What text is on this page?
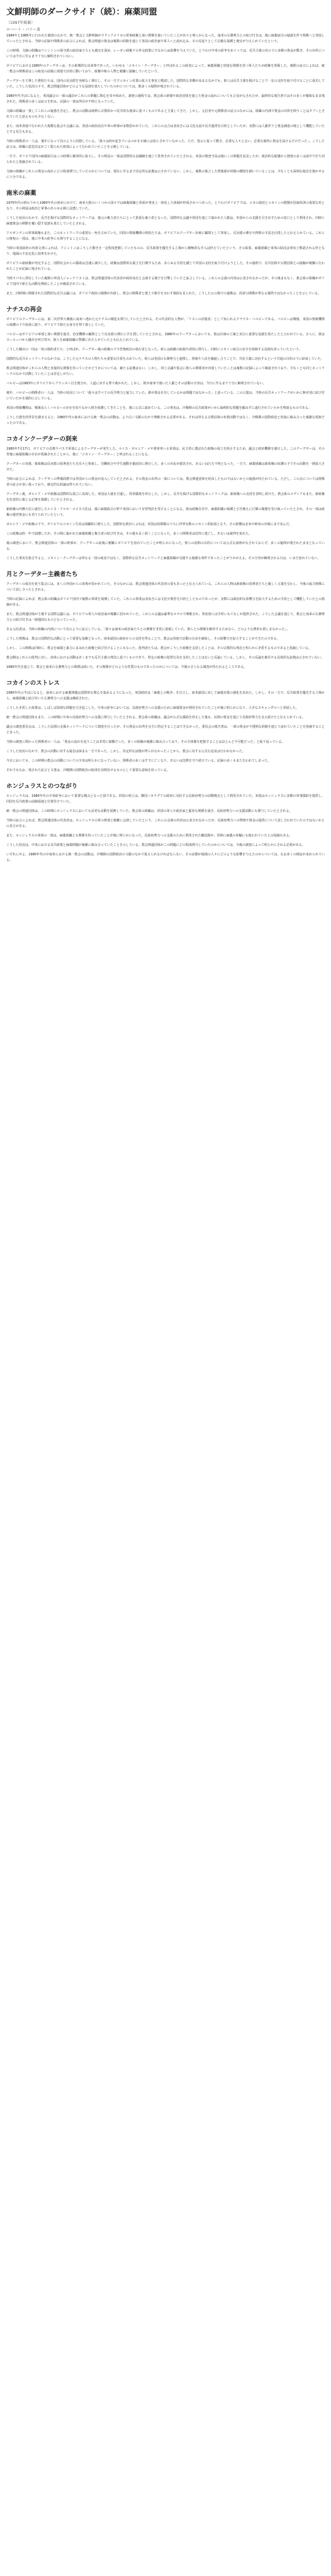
文鮮明師のダークサイド（続）：麻薬同盟
（1997年掲載）
ロバート・パリー著

1984年と1985年に行われた調査のなかで、統一教会と文鮮明師がラテンアメリカの軍事政権と深い関係を築いていたことが次々と明らかになった。南米の右翼勢力との結び付きは、後に麻薬取引の疑惑を伴う関係へと発展していったとされる。当時の記録や関係者の証言によれば、教会関連の資金は複数の経路を通じて各国の政治家や軍人へと流れ込み、その見返りとして広範な保護と便宜が与えられていたという。

この時期、文師の組織はワシントンの保守派の政治家たちとも親交を深め、レーガン政権下の外交政策に少なからぬ影響を与えていた。とりわけ中米の紛争をめぐっては、反共主義の名の下に多額の資金が動き、その出所については今日に至るまで十分に解明されていない。

ボリビアにおける1980年のクーデターは、その象徴的な出来事であった。いわゆる「コカイン・クーデター」と呼ばれるこの政変によって、麻薬組織と密接な関係を持つ軍人たちが政権を掌握した。複数の証言によれば、統一教会の関係者はこの政変の前後に現地で活発に動いており、政権中枢の人物と頻繁に接触していたという。

クーデターを主導した将校たちは、国内の反対派を容赦なく弾圧し、その一方でコカイン産業の拡大を事実上黙認した。国際的な非難が高まるなかでも、彼らは反共主義を掲げることで一定の支持を取り付けることに成功していた。こうした状況の下で、教会関連団体がどのような役割を果たしていたのかについては、数多くの疑問が残されている。

1980年代半ばになると、米国議会の一部の議員がこれらの問題に関心を寄せ始めた。調査の過程では、教会系の新聞や政治団体を通じた資金の流れについても言及がなされたが、最終的な報告書ではその多くが曖昧なまま残された。関係者の多くは証言を拒み、記録の一部は所在が不明となっていた。

文師の組織は一貫してこれらの疑惑を否定し、教会の活動は純粋に宗教的かつ反共的な使命に基づくものであると主張してきた。しかし、元信者や元関係者の証言のなかには、組織の内部で資金の出所を問うことはタブーとされていたと語るものも少なくない。

また、南米各地で行われた大規模な集会や会議には、各国の政府高官や軍の幹部が多数招かれていた。これらの会合は表向きには文化交流や反共連帯を目的としていたが、実際には人脈作りと資金調達の場として機能していたとする見方もある。

当時の関係者の一人は、後年になって次のように回想している。「我々は何が起きているのかを正確には知らされていなかった。ただ、指示に従って動き、必要な人々と会い、必要な場所に資金を届けるだけだった」。こうした証言は、組織の意思決定がごく限られた幹部によって行われていたことを示唆している。

一方で、ボリビア国内の麻薬取引はこの時期に爆発的に拡大し、その利益の一部は国際的な金融網を通じて洗浄されていたとされる。米国の捜査当局は後にこの問題を追及したが、政治的な配慮から捜査の多くは途中で打ち切られたと指摘されている。

文師の組織がこれらの資金の流れにどの程度関与していたのかについては、現在に至るまで決定的な証拠は示されていない。しかし、複数の独立した情報源が同様の構図を描いていることは、少なくとも深刻な疑念を抱かせるに十分である。

南米の麻薬

1970年代の終わりから1980年代の初めにかけて、南米大陸のいくつかの国々では麻薬組織と軍部が事実上一体化した体制が形成されつつあった。とりわけボリビアでは、コカの栽培とコカインの精製が国家経済の重要な柱となり、その利益は政治と軍事のあらゆる層に浸透していた。

こうした状況のなかで、反共を掲げる国際的なネットワークは、地元の権力者たちにとって貴重な後ろ盾となった。国際的な会議や財団を通じて築かれた人脈は、外国からの支援を引き出すための窓口として利用され、同時に麻薬資金の移動を覆い隠す役割も果たしていたとされる。

アルゼンチンの軍事政権もまた、このネットワークの重要な一角を占めていた。同国の情報機関の将校たちは、ボリビアのクーデター計画に顧問として参加し、反対派の弾圧や拷問の手法を伝授したと伝えられている。これらの将校の一部は、後に中米の紛争にも関与することになる。

当時の米国政府の内部文書によれば、ワシントンはこうした動きを一定程度把握していたものの、反共政策を優先する立場から積極的な介入は控えていたという。その結果、麻薬組織と軍部の結託は事実上黙認される形となり、地域の不安定化に拍車をかけた。

ボリビアの新政権が発足すると、国際社会からの援助は急速に減少した。政権は国際的な孤立を打開するため、あらゆる手段を講じて外国の支持を取り付けようとした。その過程で、反共団体や宗教団体との接触が頻繁に行われたことが記録に残されている。

当時ラパスに滞在していた複数の外国人ジャーナリストは、教会関連団体の代表者が政府高官と会談する様子を目撃していたと証言している。これらの会談の内容は公表されなかったが、その後まもなく、教会系の組織がボリビア国内で新たな活動を開始したことが確認されている。

また、同時期に開催された国際的な反共会議には、ボリビア政府の閣僚が出席し、教会の関係者と壇上で握手を交わす場面も見られた。こうした公の場での連携は、両者の関係が単なる偶然ではなかったことを示している。

ナチスの再会

ボリビアのクーデターには、第二次世界大戦後に南米へ逃れた元ナチスの戦犯も関与していたとされる。その代表的な人物が、「リヨンの虐殺者」として知られるクラウス・バルビーである。バルビーは戦後、米国の情報機関の保護の下で南米に渡り、ボリビアで新たな身分を得て暮らしていた。

バルビーはボリビアの軍部と深い関係を築き、治安機関の顧問として反対派の弾圧に手を貸していたとされる。1980年のクーデターにおいても、彼は計画の立案と実行に重要な役割を果たしたと言われている。さらに、彼はヨーロッパから傭兵を呼び寄せ、彼らを麻薬組織の警護にあたらせていたとも伝えられている。

こうした傭兵の一団は「死の婚約者たち」と呼ばれ、クーデター後の政権の下で恐怖政治の執行者となった。彼らは政敵の暗殺や誘拐に関与し、同時にコカイン取引の安全を保障する役割も担っていたという。

国際的な反共ネットワークのなかでは、こうした元ナチスの人物たちも重要な位置を占めていた。彼らは各国の右翼勢力と連携し、情報や人員を融通し合うことで、共産主義に対抗するという共通の目的の下に結束していた。

教会関連団体がこれらの人物と直接的な関係を持っていたかどうかについては、確たる証拠はない。しかし、同じ会議や集会に彼らの関係者が出席していたことは複数の記録によって確認されており、少なくとも同じネットワークのなかで活動していたことは否定しがたい。

バルビーは1983年にボリビアからフランスへ引き渡され、人道に対する罪で裁かれた。しかし、彼が南米で築いた人脈とその活動の全容は、今日に至るまで十分に解明されていない。

後年、バルビーの関係者の一人は、当時の状況について「我々はすべての反共勢力と協力していた。誰が資金を出しているかは問題ではなかった」と語っている。この言葉は、当時の反共ネットワークがいかに無差別に結び付いていたかを端的に示している。

米国の情報機関は、戦後長らくバルビーの存在を知りながら彼を保護してきたことを、後に公式に認めている。この事実は、冷戦期の反共政策がいかに倫理的な問題を顧みずに遂行されていたかを物語るものである。

こうした歴史的背景を踏まえると、1980年代の南米における統一教会の活動は、より広い文脈のなかで理解される必要がある。それは単なる宗教団体の布教活動ではなく、冷戦期の国際政治と密接に絡み合った複雑な現象だったのである。

コカインクーデターの到来

1980年7月17日、ボリビアの首都ラパスで軍部によるクーデターが発生した。ルイス・ガルシア・メサ将軍率いる軍部は、民主的に選ばれた政権の成立を阻止するため、議会と政府機関を制圧した。このクーデターは、その背後に麻薬組織の存在が指摘されたことから、後に「コカイン・クーデター」と呼ばれることになる。

クーデターの直後、新政権は反対派の指導者たちを次々と拘束し、労働組合や学生運動を徹底的に弾圧した。多くの市民が殺害され、あるいは行方不明となった。一方で、麻薬組織は新政権の庇護の下でその活動を一層拡大させた。

当時の証言によれば、クーデターの準備段階では外国からの資金が流入していたとされる。その資金の出所の一部については、教会関連団体を経由したものではないかとの疑惑が持たれている。ただし、この点については関係者の証言が食い違っており、確定的な結論は得られていない。

クーデター後、ガルシア・メサ政権は国際的な孤立に直面した。米国は大使を召還し、経済援助を停止した。しかし、反共を掲げる国際的なネットワークは、新政権への支持を表明し続けた。教会系のメディアもまた、新政権を好意的に報じる記事を掲載していたとされる。

新政権の内務大臣に就任したルイス・アルセ・ゴメス大佐は、後に麻薬取引の罪で米国において有罪判決を受けることになる。彼は政権在任中、麻薬組織の保護と引き換えに巨額の賄賂を受け取っていたとされ、その一部は政権の運営資金にも充てられていたという。

ガルシア・メサ政権の下で、ボリビアのコカイン生産は飛躍的に増大した。国際的な推計によれば、同国は短期間のうちに世界有数のコカイン供給国となり、その影響は北米や欧州の市場にまで及んだ。

この政権は約一年で崩壊したが、その間に築かれた麻薬組織と権力者の結び付きは、その後も長く続くことになった。多くの関係者は国外に逃亡し、あるいは裁判を免れた。

後の調査において、教会関連団体の一部の幹部が、クーデターの前後に頻繁にボリビアを訪れていたことが明らかになった。彼らの訪問の目的については公式な説明がなされておらず、多くの疑問が残されたままとなっている。

こうした事実を総合すると、コカイン・クーデターは単なる一国の政変ではなく、国際的な反共ネットワークと麻薬組織が交錯する複雑な事件であったことがうかがえる。その全容が解明される日は、いまだ訪れていない。

月とクーデター主義者たち

クーデターの成功を祝う集会には、多くの外国からの来賓が招かれていた。そのなかには、教会関連団体の代表者の姿もあったと伝えられている。これらの人物は新政権の指導者たちと親しく言葉を交わし、今後の協力関係について話し合ったとされる。

当時の記録によれば、教会系の組織はボリビア国内で複数の事業を展開していた。これらの事業は表向きには文化や教育を目的としたものであったが、実際には政治的な影響力を拡大するための手段として機能していたとの指摘がある。

また、教会関連団体が主催する国際会議には、ボリビアの軍人や政治家が頻繁に招かれていた。これらの会議は豪華なホテルで開催され、参加者には手厚いもてなしが提供された。こうした会議を通じて、教会と南米の右翼勢力との結び付きは一層強固なものとなっていった。

ある元信者は、当時の組織の内部について次のように証言している。「我々は南米の政治家たちとの関係を非常に重視していた。彼らとの関係を維持するためなら、どのような費用も惜しまなかった」。

こうした関係は、教会の国際的な活動にとって重要な基盤となった。南米諸国の政府からの支持を得ることで、教会は各地で活動の自由を確保し、その影響力を拡大することができたのである。

しかし、この関係は同時に、教会を麻薬と暴力にまみれた政権と結び付けることにもなった。批判者たちは、教会がこうした政権を支持したことは、その宗教的な理念と明らかに矛盾するものであると指摘している。

教会側はこれらの批判に対し、南米における活動はあくまでも反共主義の理念に基づくものであり、特定の政権の犯罪行為を支持したことはないと反論している。しかし、その反論を裏付ける具体的な証拠は示されていない。

1980年代を通じて、教会と南米の右翼勢力との関係は続いた。その関係がどのような性質のものであったのかについては、今後のさらなる調査が待たれるところである。

コカインのストレス

1980年代の半ばになると、南米における麻薬問題は国際的な関心を集めるようになった。米国政府は「麻薬との戦争」を宣言し、南米諸国に対して麻薬対策の強化を求めた。しかし、その一方で、反共政策を優先する立場から、麻薬組織と結び付いた右翼勢力への支援は継続された。

こうした矛盾した政策は、しばしば深刻な問題を引き起こした。中米の紛争においては、反政府勢力への支援のために麻薬資金が利用されていたことが後に明らかになり、大きなスキャンダルへと発展した。

統一教会の関連団体もまた、この時期に中米の反政府勢力への支援に関与していたとされる。教会系の組織は、議会が公式な援助を停止した後も、民間の資金を通じて反政府勢力を支え続けたと伝えられている。

議会の調査委員会は、こうした民間の支援ネットワークについて調査を行ったが、その資金の出所を完全に特定することはできなかった。委員会の報告書は、一部の資金が不透明な経路を通じて流れていたことを指摘するにとどまった。

当時の調査に関わった関係者の一人は、「資金の流れを追うことは非常に困難だった。多くの組織が複雑に絡み合っており、その全体像を把握することはほとんど不可能だった」と振り返っている。

こうした状況のなかで、教会の活動に対する疑念は深まる一方であった。しかし、決定的な証拠が得られなかったことから、教会に対する公式な追及は行われなかった。

今日においても、この時期の教会の活動についての全容は明らかになっていない。関係者の多くはすでに亡くなり、あるいは沈黙を守り続けている。記録の多くもまた失われてしまった。

それでもなお、残された証言と文書は、冷戦期の国際政治の暗部を垣間見せるものとして重要な意味を持っている。

ホンジュラスとのつながり

ホンジュラスは、1980年代の中米紛争において重要な拠点となった国である。同国の領土は、隣国ニカラグアの政府に対抗する反政府勢力の活動拠点として利用されていた。米国はホンジュラスに多額の軍事援助を提供し、同国を反共政策の前線基地と位置付けていた。

統一教会の関連団体は、この時期にホンジュラスにおいても活発な活動を展開していた。教会系の組織は、同国の軍人や政治家と緊密な関係を築き、反政府勢力への支援活動にも関与していたとされる。

当時の証言によれば、教会関連団体の代表者は、ホンジュラスの軍の幹部と頻繁に会談していたという。これらの会談の内容は公表されなかったが、反政府勢力への物資や資金の提供について話し合われていたのではないかとの見方がある。

また、ホンジュラスの軍部の一部は、麻薬組織とも関係を持っていたことが後に明らかになった。反政府勢力への支援のために利用された輸送路が、同時に麻薬の密輸にも使われていたとの指摘もある。

こうした状況は、中米における反共政策と麻薬問題が複雑に絡み合っていたことを示している。教会関連団体がこの問題にどの程度関与していたのかについては、今後の調査によって明らかにされる必要がある。

いずれにせよ、1980年代の中南米における統一教会の活動は、冷戦期の国際政治の文脈のなかで捉えられなければならない。その活動が地域の人々にどのような影響を与えたのかについては、なお多くの検証が求められている。
